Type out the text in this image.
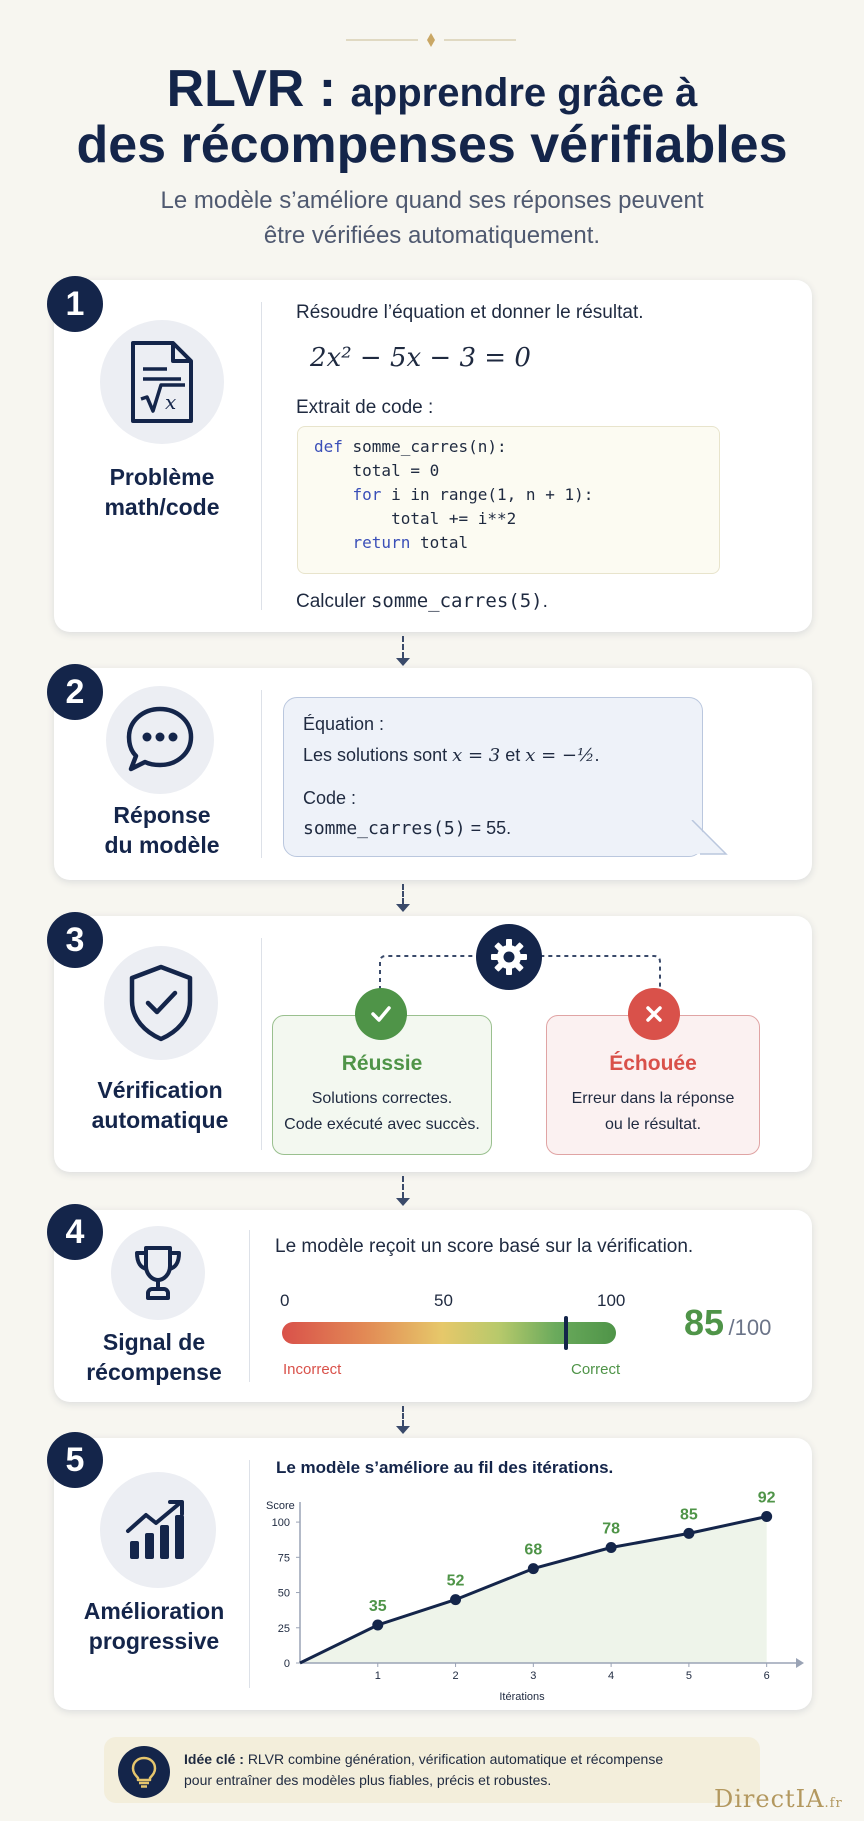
RLVR : apprendre grâce à
des récompenses vérifiables
Le modèle s’améliore quand ses réponses peuvent
être vérifiées automatiquement.
1
x
Problème
math/code
Résoudre l’équation et donner le résultat.
2x² − 5x − 3 = 0
Extrait de code :
def somme_carres(n):
total = 0
for i in range(1, n + 1):
total += i**2
return total
Calculer somme_carres(5).
2
Réponse
du modèle
Équation :
Les solutions sont x = 3 et x = −½.
Code :
somme_carres(5) = 55.
3
Vérification
automatique
Réussie
Solutions correctes.
Code exécuté avec succès.
Échouée
Erreur dans la réponse
ou le résultat.
4
Signal de
récompense
Le modèle reçoit un score basé sur la vérification.
0	50	100
Incorrect	Correct
85 /100
5
Amélioration
progressive
Le modèle s’améliore au fil des itérations.
Score
Itérations
0
25
50
75
100
1	2	3	4	5	6
35
52
68
78
85
92
Idée clé : RLVR combine génération, vérification automatique et récompense
pour entraîner des modèles plus fiables, précis et robustes.
DirectIA.fr
